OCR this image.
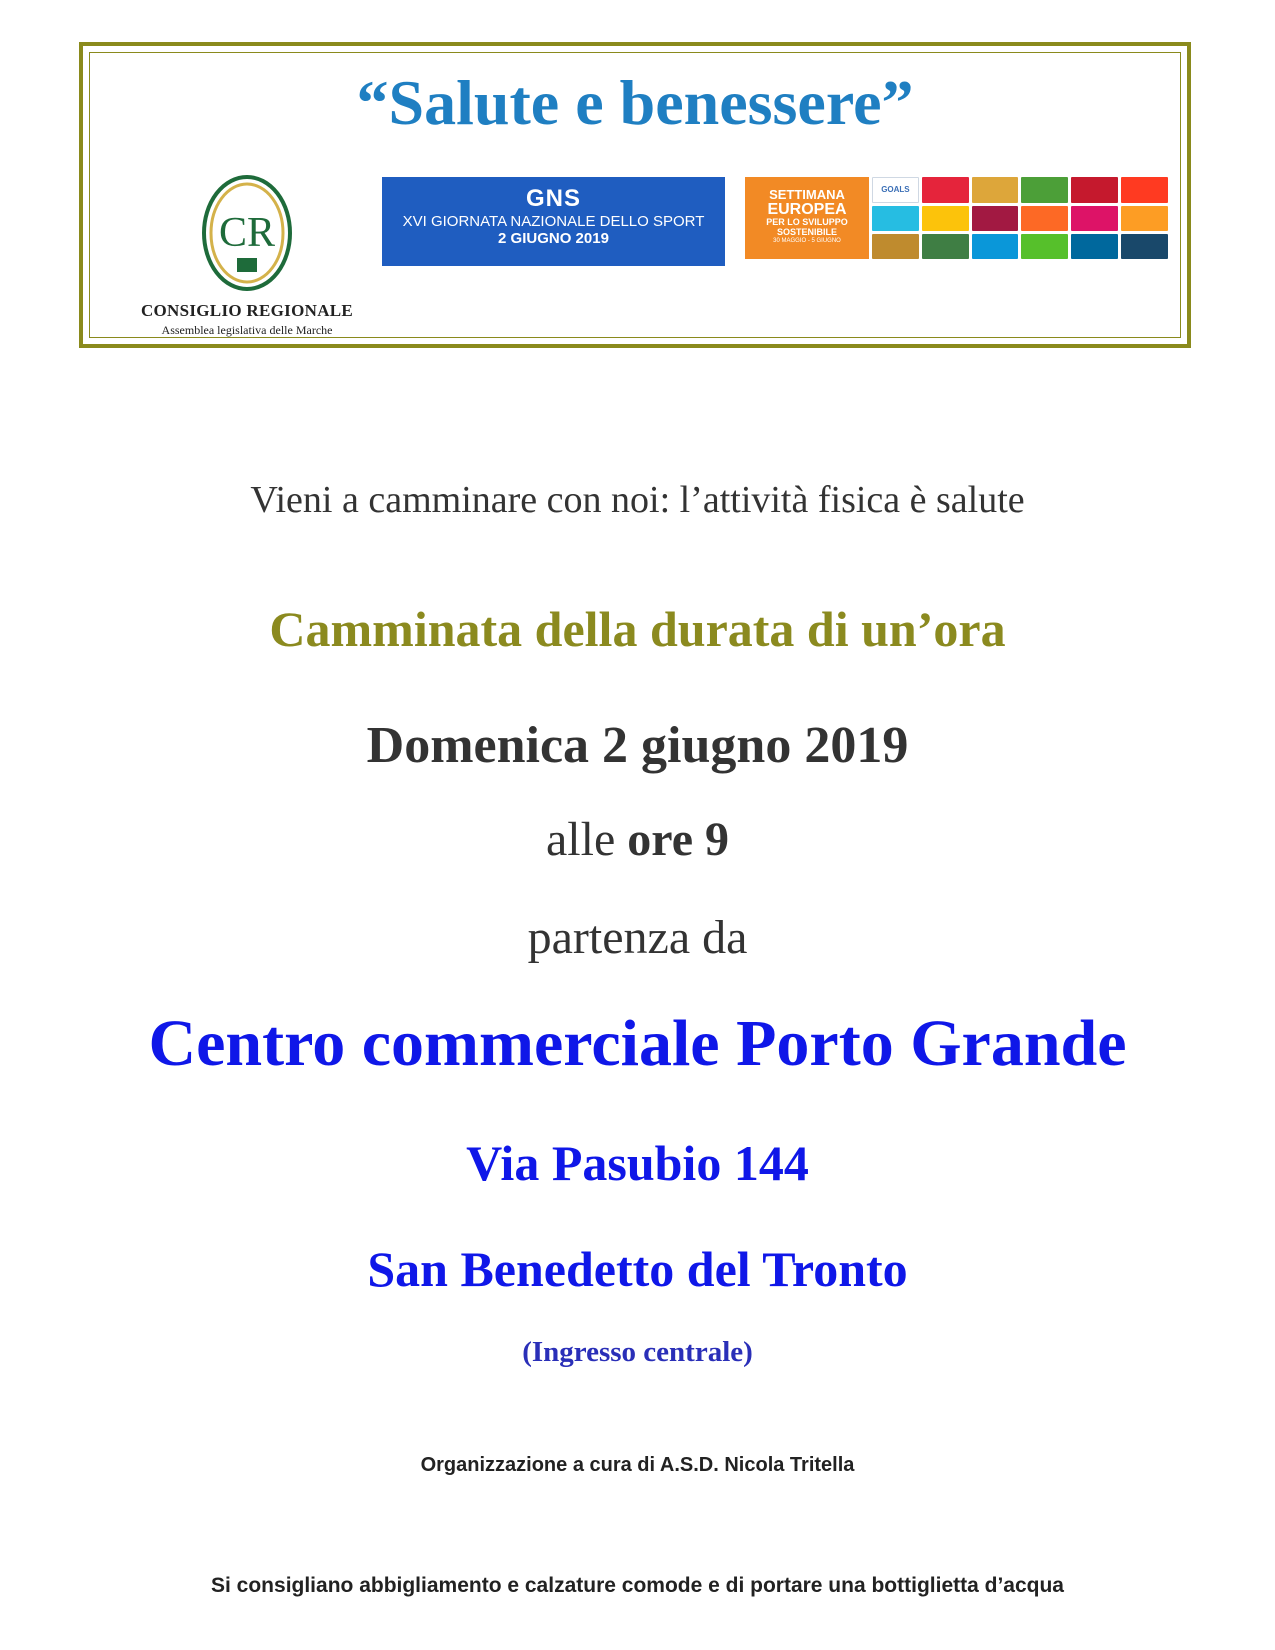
“Salute e benessere”
CR
CONSIGLIO REGIONALE
Assemblea legislativa delle Marche
GNS
XVI GIORNATA NAZIONALE DELLO SPORT
2 GIUGNO 2019
SETTIMANA
EUROPEA
PER LO SVILUPPO
SOSTENIBILE
30 MAGGIO - 5 GIUGNO
GOALS
Vieni a camminare con noi: l’attività fisica è salute
Camminata della durata di un’ora
Domenica 2 giugno 2019
alle ore 9
partenza da
Centro commerciale Porto Grande
Via Pasubio 144
San Benedetto del Tronto
(Ingresso centrale)
Organizzazione a cura di A.S.D. Nicola Tritella
Si consigliano abbigliamento e calzature comode e di portare una bottiglietta d’acqua
